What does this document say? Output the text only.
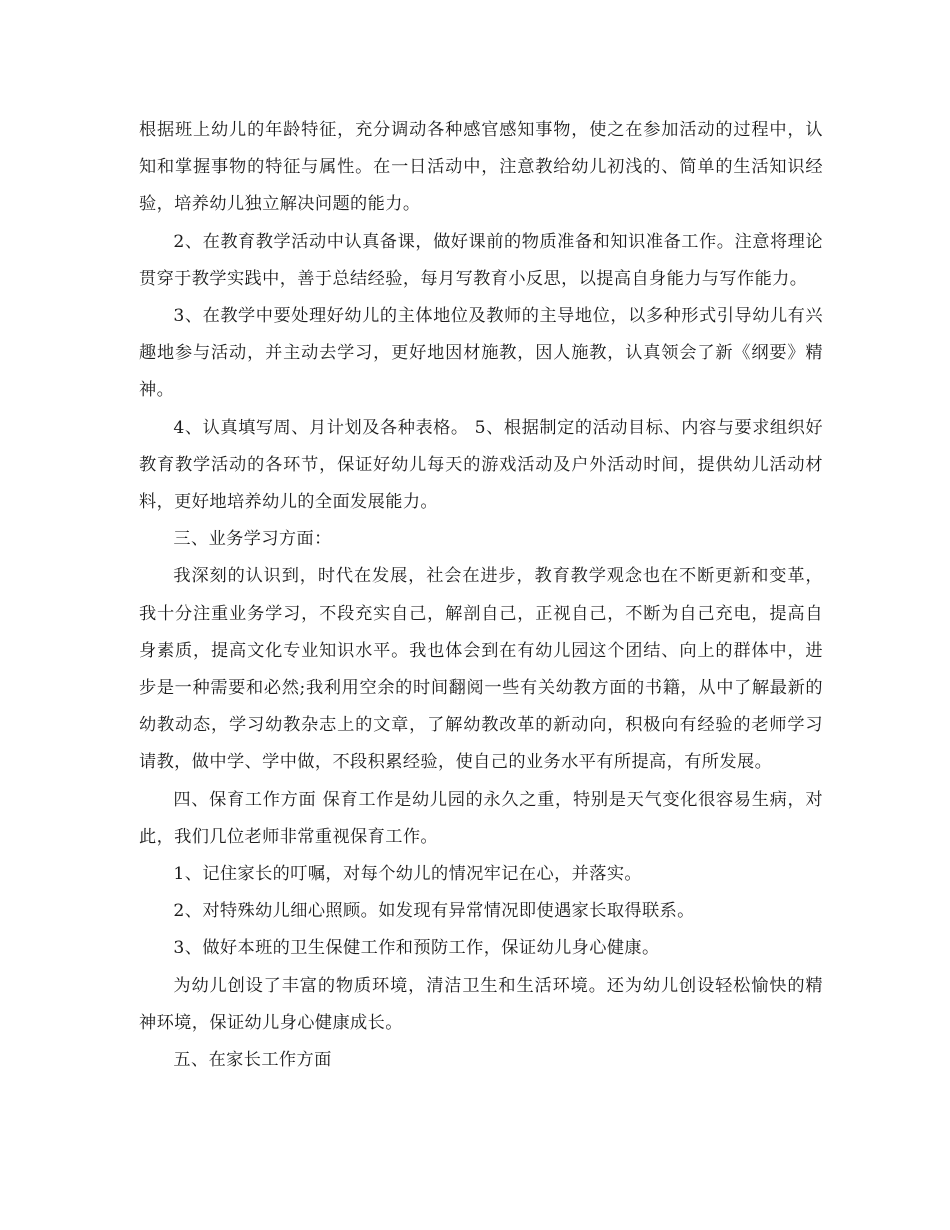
根据班上幼儿的年龄特征，充分调动各种感官感知事物，使之在参加活动的过程中，认知和掌握事物的特征与属性。在一日活动中，注意教给幼儿初浅的、简单的生活知识经验，培养幼儿独立解决问题的能力。

2、在教育教学活动中认真备课，做好课前的物质准备和知识准备工作。注意将理论贯穿于教学实践中，善于总结经验，每月写教育小反思，以提高自身能力与写作能力。

3、在教学中要处理好幼儿的主体地位及教师的主导地位，以多种形式引导幼儿有兴趣地参与活动，并主动去学习，更好地因材施教，因人施教，认真领会了新《纲要》精神。

4、认真填写周、月计划及各种表格。 5、根据制定的活动目标、内容与要求组织好教育教学活动的各环节，保证好幼儿每天的游戏活动及户外活动时间，提供幼儿活动材料，更好地培养幼儿的全面发展能力。

三、业务学习方面：

我深刻的认识到，时代在发展，社会在进步，教育教学观念也在不断更新和变革，我十分注重业务学习，不段充实自己，解剖自己，正视自己，不断为自己充电，提高自身素质，提高文化专业知识水平。我也体会到在有幼儿园这个团结、向上的群体中，进步是一种需要和必然;我利用空余的时间翻阅一些有关幼教方面的书籍，从中了解最新的幼教动态，学习幼教杂志上的文章，了解幼教改革的新动向，积极向有经验的老师学习请教，做中学、学中做，不段积累经验，使自己的业务水平有所提高，有所发展。

四、保育工作方面 保育工作是幼儿园的永久之重，特别是天气变化很容易生病，对此，我们几位老师非常重视保育工作。

1、记住家长的叮嘱，对每个幼儿的情况牢记在心，并落实。

2、对特殊幼儿细心照顾。如发现有异常情况即使遇家长取得联系。

3、做好本班的卫生保健工作和预防工作，保证幼儿身心健康。

为幼儿创设了丰富的物质环境，清洁卫生和生活环境。还为幼儿创设轻松愉快的精神环境，保证幼儿身心健康成长。

五、在家长工作方面
